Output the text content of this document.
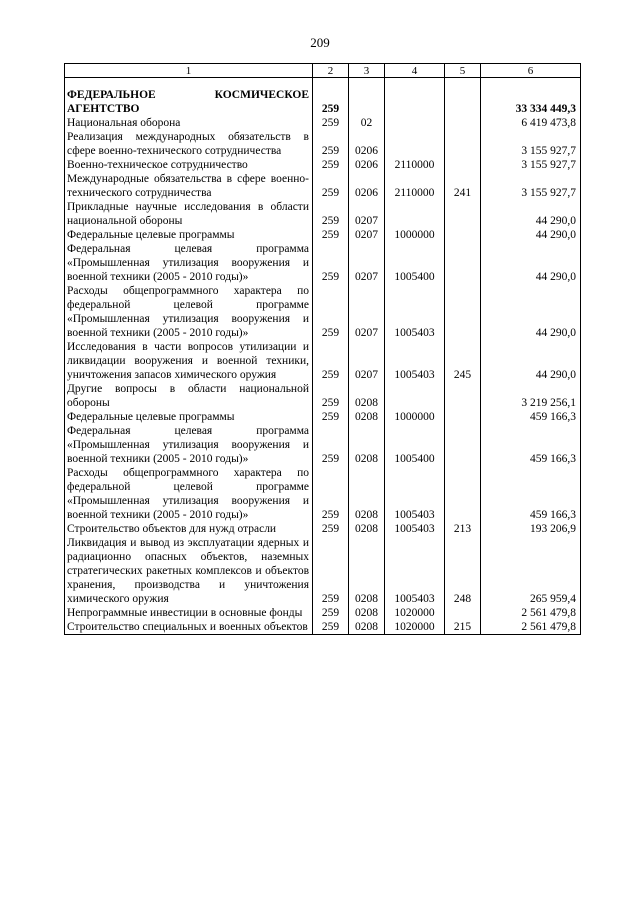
209
1	2	3	4	5	6
ФЕДЕРАЛЬНОЕ КОСМИЧЕСКОЕ АГЕНТСТВО	259				33 334 449,3
Национальная оборона	259	02			6 419 473,8
Реализация международных обязательств в сфере военно-технического сотрудничества	259	0206			3 155 927,7
Военно-техническое сотрудничество	259	0206	2110000		3 155 927,7
Международные обязательства в сфере военно-технического сотрудничества	259	0206	2110000	241	3 155 927,7
Прикладные научные исследования в области национальной обороны	259	0207			44 290,0
Федеральные целевые программы	259	0207	1000000		44 290,0
Федеральная целевая программа «Промышленная утилизация вооружения и военной техники (2005 - 2010 годы)»	259	0207	1005400		44 290,0
Расходы общепрограммного характера по федеральной целевой программе «Промышленная утилизация вооружения и военной техники (2005 - 2010 годы)»	259	0207	1005403		44 290,0
Исследования в части вопросов утилизации и ликвидации вооружения и военной техники, уничтожения запасов химического оружия	259	0207	1005403	245	44 290,0
Другие вопросы в области национальной обороны	259	0208			3 219 256,1
Федеральные целевые программы	259	0208	1000000		459 166,3
Федеральная целевая программа «Промышленная утилизация вооружения и военной техники (2005 - 2010 годы)»	259	0208	1005400		459 166,3
Расходы общепрограммного характера по федеральной целевой программе «Промышленная утилизация вооружения и военной техники (2005 - 2010 годы)»	259	0208	1005403		459 166,3
Строительство объектов для нужд отрасли	259	0208	1005403	213	193 206,9
Ликвидация и вывод из эксплуатации ядерных и радиационно опасных объектов, наземных стратегических ракетных комплексов и объектов хранения, производства и уничтожения химического оружия	259	0208	1005403	248	265 959,4
Непрограммные инвестиции в основные фонды	259	0208	1020000		2 561 479,8
Строительство специальных и военных объектов	259	0208	1020000	215	2 561 479,8
